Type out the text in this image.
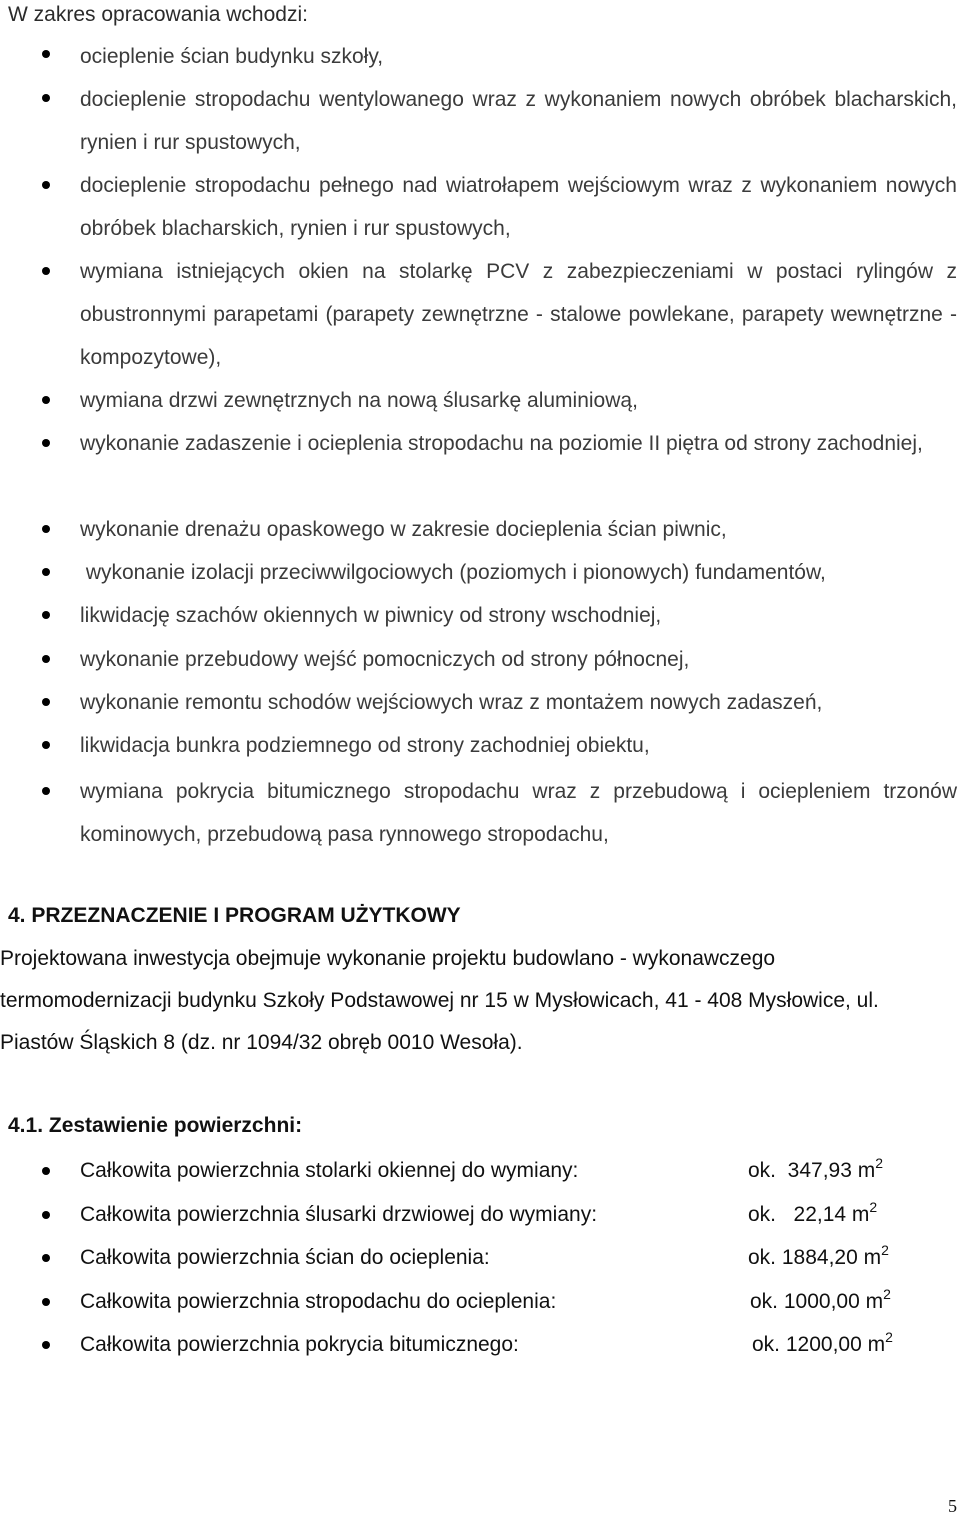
W zakres opracowania wchodzi:
ocieplenie ścian budynku szkoły,
docieplenie stropodachu wentylowanego wraz z wykonaniem nowych obróbek blacharskich, rynien i rur spustowych,
docieplenie stropodachu pełnego nad wiatrołapem wejściowym wraz z wykonaniem nowych obróbek blacharskich, rynien i rur spustowych,
wymiana istniejących okien na stolarkę PCV z zabezpieczeniami w postaci rylingów z obustronnymi parapetami (parapety zewnętrzne - stalowe powlekane, parapety wewnętrzne - kompozytowe),
wymiana drzwi zewnętrznych na nową ślusarkę aluminiową,
wykonanie zadaszenie i ocieplenia stropodachu na poziomie II piętra od strony zachodniej,
wykonanie drenażu opaskowego w zakresie docieplenia ścian piwnic,
wykonanie izolacji przeciwwilgociowych (poziomych i pionowych) fundamentów,
likwidację szachów okiennych w piwnicy od strony wschodniej,
wykonanie przebudowy wejść pomocniczych od strony północnej,
wykonanie remontu schodów wejściowych wraz z montażem nowych zadaszeń,
likwidacja bunkra podziemnego od strony zachodniej obiektu,
wymiana pokrycia bitumicznego stropodachu wraz z przebudową i ociepleniem trzonów kominowych, przebudową pasa rynnowego stropodachu,
4. PRZEZNACZENIE I PROGRAM UŻYTKOWY
Projektowana inwestycja obejmuje wykonanie projektu budowlano - wykonawczego termomodernizacji budynku Szkoły Podstawowej nr 15 w Mysłowicach, 41 - 408 Mysłowice, ul. Piastów Śląskich 8 (dz. nr 1094/32 obręb 0010 Wesoła).
4.1. Zestawienie powierzchni:
Całkowita powierzchnia stolarki okiennej do wymiany:	ok.  347,93 $m^2$
Całkowita powierzchnia ślusarki drzwiowej do wymiany:	ok.   22,14 $m^2$
Całkowita powierzchnia ścian do ocieplenia:	ok. 1884,20 $m^2$
Całkowita powierzchnia stropodachu do ocieplenia:	ok. 1000,00 $m^2$
Całkowita powierzchnia pokrycia bitumicznego:	ok. 1200,00 $m^2$
5
